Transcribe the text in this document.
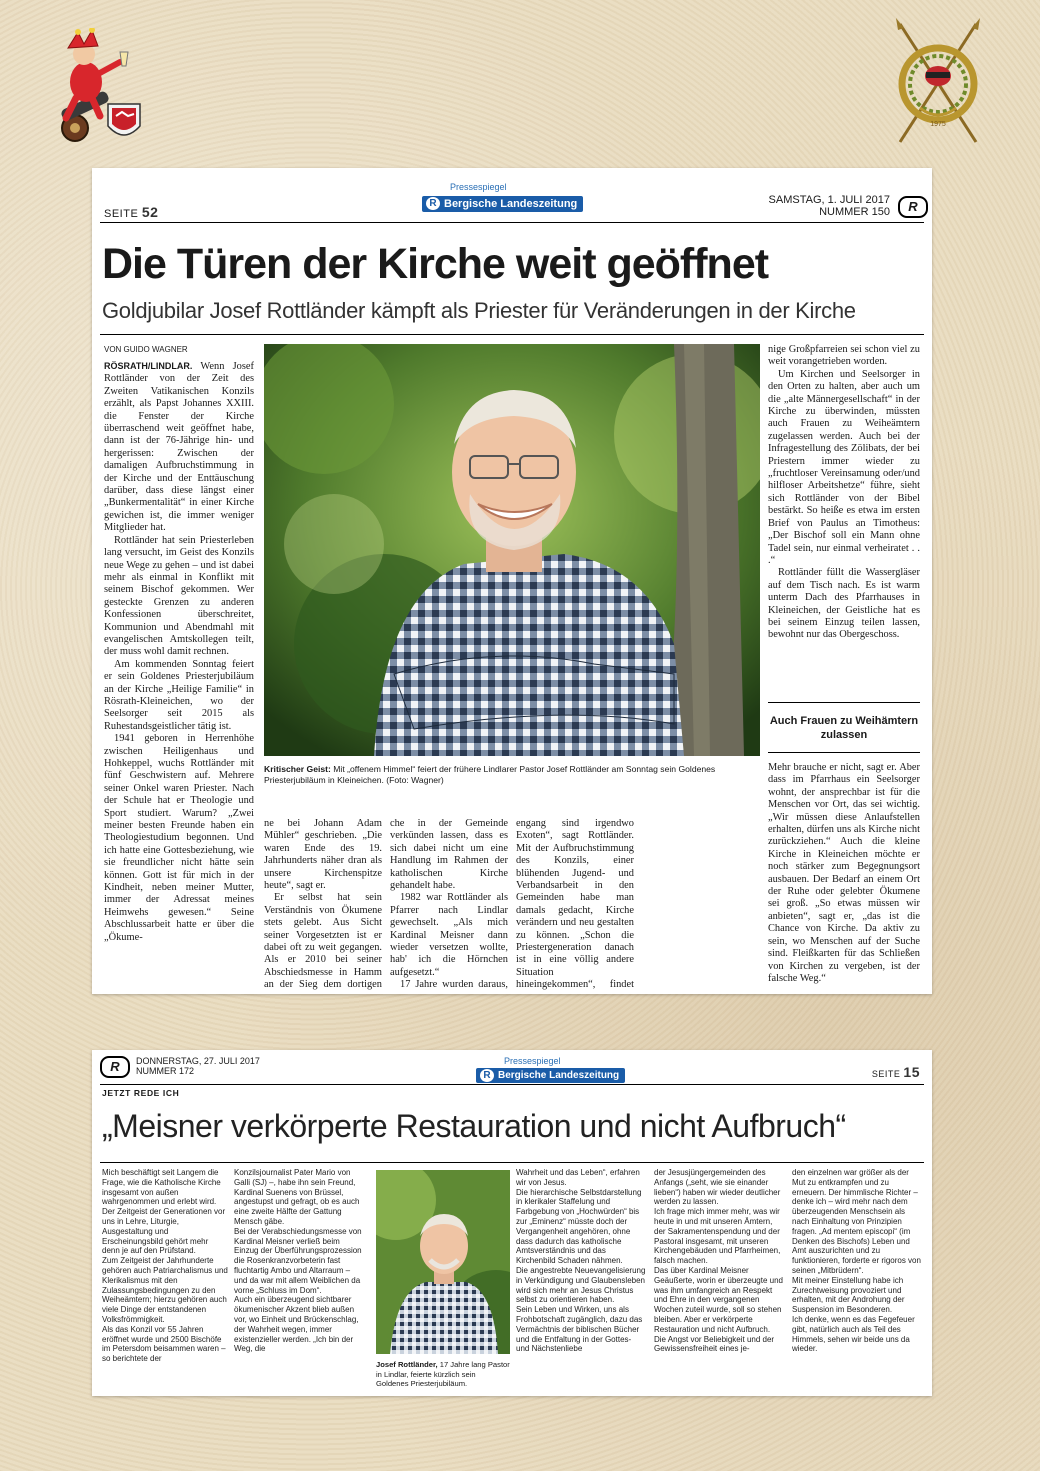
1975
SEITE 52
Pressespiegel
R Bergische Landeszeitung	SAMSTAG, 1. JULI 2017
NUMMER 150	R
Die Türen der Kirche weit geöffnet
Goldjubilar Josef Rottländer kämpft als Priester für Veränderungen in der Kirche
VON GUIDO WAGNER

RÖSRATH/LINDLAR. Wenn Josef Rottländer von der Zeit des Zweiten Vatikanischen Konzils erzählt, als Papst Johannes XXIII. die Fenster der Kirche überraschend weit geöffnet habe, dann ist der 76-Jährige hin- und hergerissen: Zwischen der damaligen Aufbruchstimmung in der Kirche und der Enttäuschung darüber, dass diese längst einer „Bunkermentalität“ in einer Kirche gewichen ist, die immer weniger Mitglieder hat.

Rottländer hat sein Priesterleben lang versucht, im Geist des Konzils neue Wege zu gehen – und ist dabei mehr als einmal in Konflikt mit seinem Bischof gekommen. Wer gesteckte Grenzen zu anderen Konfessionen überschreitet, Kommunion und Abendmahl mit evangelischen Amtskollegen teilt, der muss wohl damit rechnen.

Am kommenden Sonntag feiert er sein Goldenes Priesterjubiläum an der Kirche „Heilige Familie“ in Rösrath-Kleineichen, wo der Seelsorger seit 2015 als Ruhestandsgeistlicher tätig ist.

1941 geboren in Herrenhöhe zwischen Heiligenhaus und Hohkeppel, wuchs Rottländer mit fünf Geschwistern auf. Mehrere seiner Onkel waren Priester. Nach der Schule hat er Theologie und Sport studiert. Warum? „Zwei meiner besten Freunde haben ein Theologiestudium begonnen. Und ich hatte eine Gottesbeziehung, wie sie freundlicher nicht hätte sein können. Gott ist für mich in der Kindheit, neben meiner Mutter, immer der Adressat meines Heimwehs gewesen.“ Seine Abschlussarbeit hatte er über die „Ökume-

Kritischer Geist: Mit „offenem Himmel“ feiert der frühere Lindlarer Pastor Josef Rottländer am Sonntag sein Goldenes Priesterjubiläum in Kleineichen. (Foto: Wagner)

ne bei Johann Adam Mühler“ geschrieben. „Die waren Ende des 19. Jahrhunderts näher dran als unsere Kirchenspitze heute“, sagt er.

Er selbst hat sein Verständnis von Ökumene stets gelebt. Aus Sicht seiner Vorgesetzten ist er dabei oft zu weit gegangen. Als er 2010 bei seiner Abschiedsmesse in Hamm an der Sieg dem dortigen

che in der Gemeinde verkünden lassen, dass es sich dabei nicht um eine Handlung im Rahmen der katholischen Kirche gehandelt habe.

1982 war Rottländer als Pfarrer nach Lindlar gewechselt. „Als mich Kardinal Meisner dann wieder versetzen wollte, hab' ich die Hörnchen aufgesetzt.“

17 Jahre wurden daraus,

engang sind irgendwo Exoten“, sagt Rottländer. Mit der Aufbruchstimmung des Konzils, einer blühenden Jugend- und Verbandsarbeit in den Gemeinden habe man damals gedacht, Kirche verändern und neu gestalten zu können. „Schon die Priestergeneration danach ist in eine völlig andere Situation hineingekommen“, findet

nige Großpfarreien sei schon viel zu weit vorangetrieben worden.

Um Kirchen und Seelsorger in den Orten zu halten, aber auch um die „alte Männergesellschaft“ in der Kirche zu überwinden, müssten auch Frauen zu Weiheämtern zugelassen werden. Auch bei der Infragestellung des Zölibats, der bei Priestern immer wieder zu „fruchtloser Vereinsamung oder/und hilfloser Arbeitshetze“ führe, sieht sich Rottländer von der Bibel bestärkt. So heiße es etwa im ersten Brief von Paulus an Timotheus: „Der Bischof soll ein Mann ohne Tadel sein, nur einmal verheiratet . . .“

Rottländer füllt die Wassergläser auf dem Tisch nach. Es ist warm unterm Dach des Pfarrhauses in Kleineichen, der Geistliche hat es bei seinem Einzug teilen lassen, bewohnt nur das Obergeschoss.

Auch Frauen zu Weihämtern zulassen

Mehr brauche er nicht, sagt er. Aber dass im Pfarrhaus ein Seelsorger wohnt, der ansprechbar ist für die Menschen vor Ort, das sei wichtig. „Wir müssen diese Anlaufstellen erhalten, dürfen uns als Kirche nicht zurückziehen.“ Auch die kleine Kirche in Kleineichen möchte er noch stärker zum Begegnungsort ausbauen. Der Bedarf an einem Ort der Ruhe oder gelebter Ökumene sei groß. „So etwas müssen wir anbieten“, sagt er, „das ist die Chance von Kirche. Da aktiv zu sein, wo Menschen auf der Suche sind. Fleißkarten für das Schließen von Kirchen zu vergeben, ist der falsche Weg.“

R	DONNERSTAG, 27. JULI 2017
NUMMER 172
Pressespiegel
R Bergische Landeszeitung	SEITE 15
JETZT REDE ICH
„Meisner verkörperte Restauration und nicht Aufbruch“

Mich beschäftigt seit Langem die Frage, wie die Katholische Kirche insgesamt von außen wahrgenommen und erlebt wird.

Der Zeitgeist der Generationen vor uns in Lehre, Liturgie, Ausgestaltung und Erscheinungsbild gehört mehr denn je auf den Prüfstand.

Zum Zeitgeist der Jahrhunderte gehören auch Patriarchalismus und Klerikalismus mit den Zulassungsbedingungen zu den Weiheämtern; hierzu gehören auch viele Dinge der entstandenen Volksfrömmigkeit.

Als das Konzil vor 55 Jahren eröffnet wurde und 2500 Bischöfe im Petersdom beisammen waren – so berichtete der

Konzilsjournalist Pater Mario von Galli (SJ) –, habe ihn sein Freund, Kardinal Suenens von Brüssel, angestupst und gefragt, ob es auch eine zweite Hälfte der Gattung Mensch gäbe.

Bei der Verabschiedungsmesse von Kardinal Meisner verließ beim Einzug der Überführungsprozession die Rosenkranzvorbeterin fast fluchtartig Ambo und Altarraum – und da war mit allem Weiblichen da vorne „Schluss im Dom“.

Auch ein überzeugend sichtbarer ökumenischer Akzent blieb außen vor, wo Einheit und Brückenschlag, der Wahrheit wegen, immer existenzieller werden. „Ich bin der Weg, die

Josef Rottländer, 17 Jahre lang Pastor in Lindlar, feierte kürzlich sein Goldenes Priesterjubiläum.

Wahrheit und das Leben“, erfahren wir von Jesus.

Die hierarchische Selbstdarstellung in klerikaler Staffelung und Farbgebung von „Hochwürden“ bis zur „Eminenz“ müsste doch der Vergangenheit angehören, ohne dass dadurch das katholische Amtsverständnis und das Kirchenbild Schaden nähmen.

Die angestrebte Neuevangelisierung in Verkündigung und Glaubensleben wird sich mehr an Jesus Christus selbst zu orientieren haben.

Sein Leben und Wirken, uns als Frohbotschaft zugänglich, dazu das Vermächtnis der biblischen Bücher und die Entfaltung in der Gottes- und Nächstenliebe

der Jesusjüngergemeinden des Anfangs („seht, wie sie einander lieben“) haben wir wieder deutlicher werden zu lassen.

Ich frage mich immer mehr, was wir heute in und mit unseren Ämtern, der Sakramentenspendung und der Pastoral insgesamt, mit unseren Kirchengebäuden und Pfarrheimen, falsch machen.

Das über Kardinal Meisner Geäußerte, worin er überzeugte und was ihm umfangreich an Respekt und Ehre in den vergangenen Wochen zuteil wurde, soll so stehen bleiben. Aber er verkörperte Restauration und nicht Aufbruch.

Die Angst vor Beliebigkeit und der Gewissensfreiheit eines je-

den einzelnen war größer als der Mut zu entkrampfen und zu erneuern. Der himmlische Richter – denke ich – wird mehr nach dem überzeugenden Menschsein als nach Einhaltung von Prinzipien fragen. „Ad mentem episcopi“ (im Denken des Bischofs) Leben und Amt auszurichten und zu funktionieren, forderte er rigoros von seinen „Mitbrüdern“.

Mit meiner Einstellung habe ich Zurechtweisung provoziert und erhalten, mit der Androhung der Suspension im Besonderen.

Ich denke, wenn es das Fegefeuer gibt, natürlich auch als Teil des Himmels, sehen wir beide uns da wieder.
